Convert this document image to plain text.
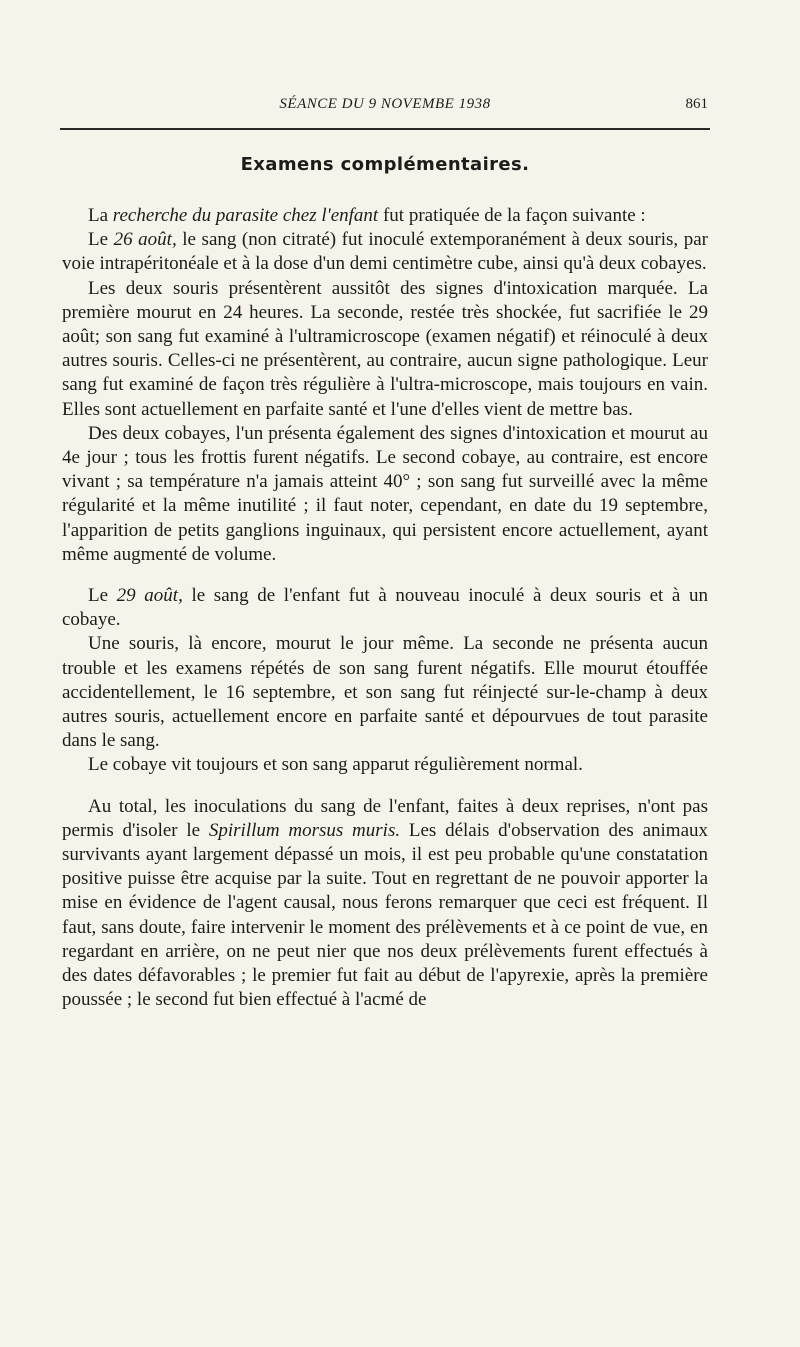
SÉANCE DU 9 NOVEMBE 1938	861
Examens complémentaires.

La recherche du parasite chez l'enfant fut pratiquée de la façon suivante :

Le 26 août, le sang (non citraté) fut inoculé extemporanément à deux souris, par voie intrapéritonéale et à la dose d'un demi centimètre cube, ainsi qu'à deux cobayes.

Les deux souris présentèrent aussitôt des signes d'intoxication marquée. La première mourut en 24 heures. La seconde, restée très shockée, fut sacrifiée le 29 août; son sang fut examiné à l'ultramicroscope (examen négatif) et réinoculé à deux autres souris. Celles-ci ne présentèrent, au contraire, aucun signe pathologique. Leur sang fut examiné de façon très régulière à l'ultra-microscope, mais toujours en vain. Elles sont actuellement en parfaite santé et l'une d'elles vient de mettre bas.

Des deux cobayes, l'un présenta également des signes d'intoxication et mourut au 4e jour ; tous les frottis furent négatifs. Le second cobaye, au contraire, est encore vivant ; sa température n'a jamais atteint 40° ; son sang fut surveillé avec la même régularité et la même inutilité ; il faut noter, cependant, en date du 19 septembre, l'apparition de petits ganglions inguinaux, qui persistent encore actuellement, ayant même augmenté de volume.

Le 29 août, le sang de l'enfant fut à nouveau inoculé à deux souris et à un cobaye.

Une souris, là encore, mourut le jour même. La seconde ne présenta aucun trouble et les examens répétés de son sang furent négatifs. Elle mourut étouffée accidentellement, le 16 septembre, et son sang fut réinjecté sur-le-champ à deux autres souris, actuellement encore en parfaite santé et dépourvues de tout parasite dans le sang.

Le cobaye vit toujours et son sang apparut régulièrement normal.

Au total, les inoculations du sang de l'enfant, faites à deux reprises, n'ont pas permis d'isoler le Spirillum morsus muris. Les délais d'observation des animaux survivants ayant largement dépassé un mois, il est peu probable qu'une constatation positive puisse être acquise par la suite. Tout en regrettant de ne pouvoir apporter la mise en évidence de l'agent causal, nous ferons remarquer que ceci est fréquent. Il faut, sans doute, faire intervenir le moment des prélèvements et à ce point de vue, en regardant en arrière, on ne peut nier que nos deux prélèvements furent effectués à des dates défavorables ; le premier fut fait au début de l'apyrexie, après la première poussée ; le second fut bien effectué à l'acmé de
